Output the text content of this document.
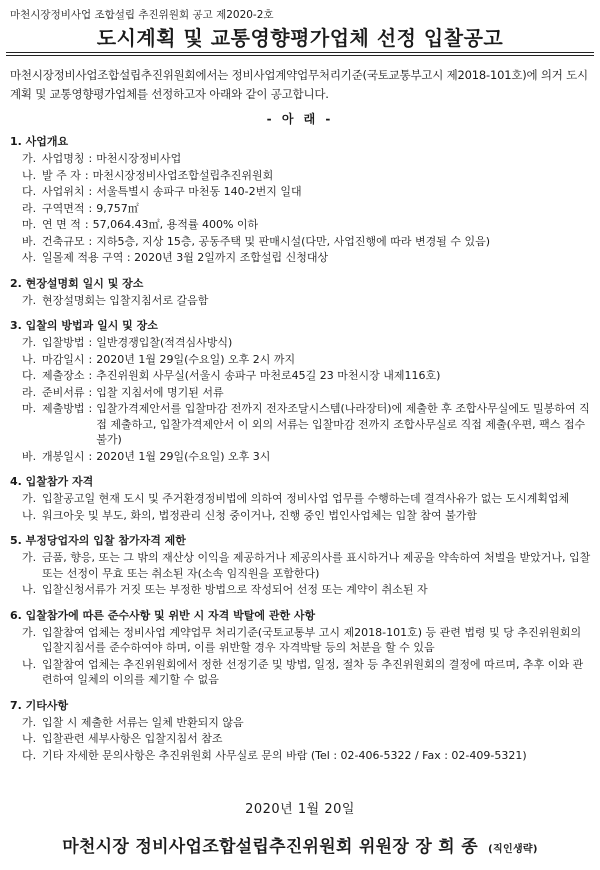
마천시장정비사업 조합설립 추진위원회 공고 제2020-2호
도시계획 및 교통영향평가업체 선정 입찰공고
마천시장정비사업조합설립추진위원회에서는 정비사업계약업무처리기준(국토교통부고시 제2018-101호)에 의거 도시계획 및 교통영향평가업체를 선정하고자 아래와 같이 공고합니다.
- 아 래 -
1. 사업개요
가. 사업명칭 : 마천시장정비사업
나. 발 주 자 : 마천시장정비사업조합설립추진위원회
다. 사업위치 : 서울특별시 송파구 마천동 140-2번지 일대
라. 구역면적 : 9,757㎡
마. 연 면 적 : 57,064.43㎡, 용적률 400% 이하
바. 건축규모 : 지하5층, 지상 15층, 공동주택 및 판매시설(다만, 사업진행에 따라 변경될 수 있음)
사. 일몰제 적용 구역 : 2020년 3월 2일까지 조합설립 신청대상
2. 현장설명회 일시 및 장소
가. 현장설명회는 입찰지침서로 갈음함
3. 입찰의 방법과 일시 및 장소
가. 입찰방법 : 일반경쟁입찰(적격심사방식)
나. 마감일시 : 2020년 1월 29일(수요일) 오후 2시 까지
다. 제출장소 : 추진위원회 사무실(서울시 송파구 마천로45길 23 마천시장 내제116호)
라. 준비서류 : 입찰 지침서에 명기된 서류
마. 제출방법 : 입찰가격제안서를 입찰마감 전까지 전자조달시스템(나라장터)에 제출한 후 조합사무실에도 밀봉하여 직접 제출하고, 입찰가격제안서 이 외의 서류는 입찰마감 전까지 조합사무실로 직접 제출(우편, 팩스 접수 불가)
바. 개봉일시 : 2020년 1월 29일(수요일) 오후 3시
4. 입찰참가 자격
가. 입찰공고일 현재 도시 및 주거환경정비법에 의하여 정비사업 업무를 수행하는데 결격사유가 없는 도시계획업체
나. 워크아웃 및 부도, 화의, 법정관리 신청 중이거나, 진행 중인 법인사업체는 입찰 참여 불가함
5. 부정당업자의 입찰 참가자격 제한
가. 금품, 향응, 또는 그 밖의 재산상 이익을 제공하거나 제공의사를 표시하거나 제공을 약속하여 처벌을 받았거나, 입찰 또는 선정이 무효 또는 취소된 자(소속 임직원을 포함한다)
나. 입찰신청서류가 거짓 또는 부정한 방법으로 작성되어 선정 또는 계약이 취소된 자
6. 입찰참가에 따른 준수사항 및 위반 시 자격 박탈에 관한 사항
가. 입찰참여 업체는 정비사업 계약업무 처리기준(국토교통부 고시 제2018-101호) 등 관련 법령 및 당 추진위원회의 입찰지침서를 준수하여야 하며, 이를 위반할 경우 자격박탈 등의 처분을 할 수 있음
나. 입찰참여 업체는 추진위원회에서 정한 선정기준 및 방법, 일정, 절차 등 추진위원회의 결정에 따르며, 추후 이와 관련하여 일체의 이의를 제기할 수 없음
7. 기타사항
가. 입찰 시 제출한 서류는 일체 반환되지 않음
나. 입찰관련 세부사항은 입찰지침서 참조
다. 기타 자세한 문의사항은 추진위원회 사무실로 문의 바람 (Tel : 02-406-5322 / Fax : 02-409-5321)
2020년 1월 20일
마천시장 정비사업조합설립추진위원회 위원장 장 희 종 (직인생략)
